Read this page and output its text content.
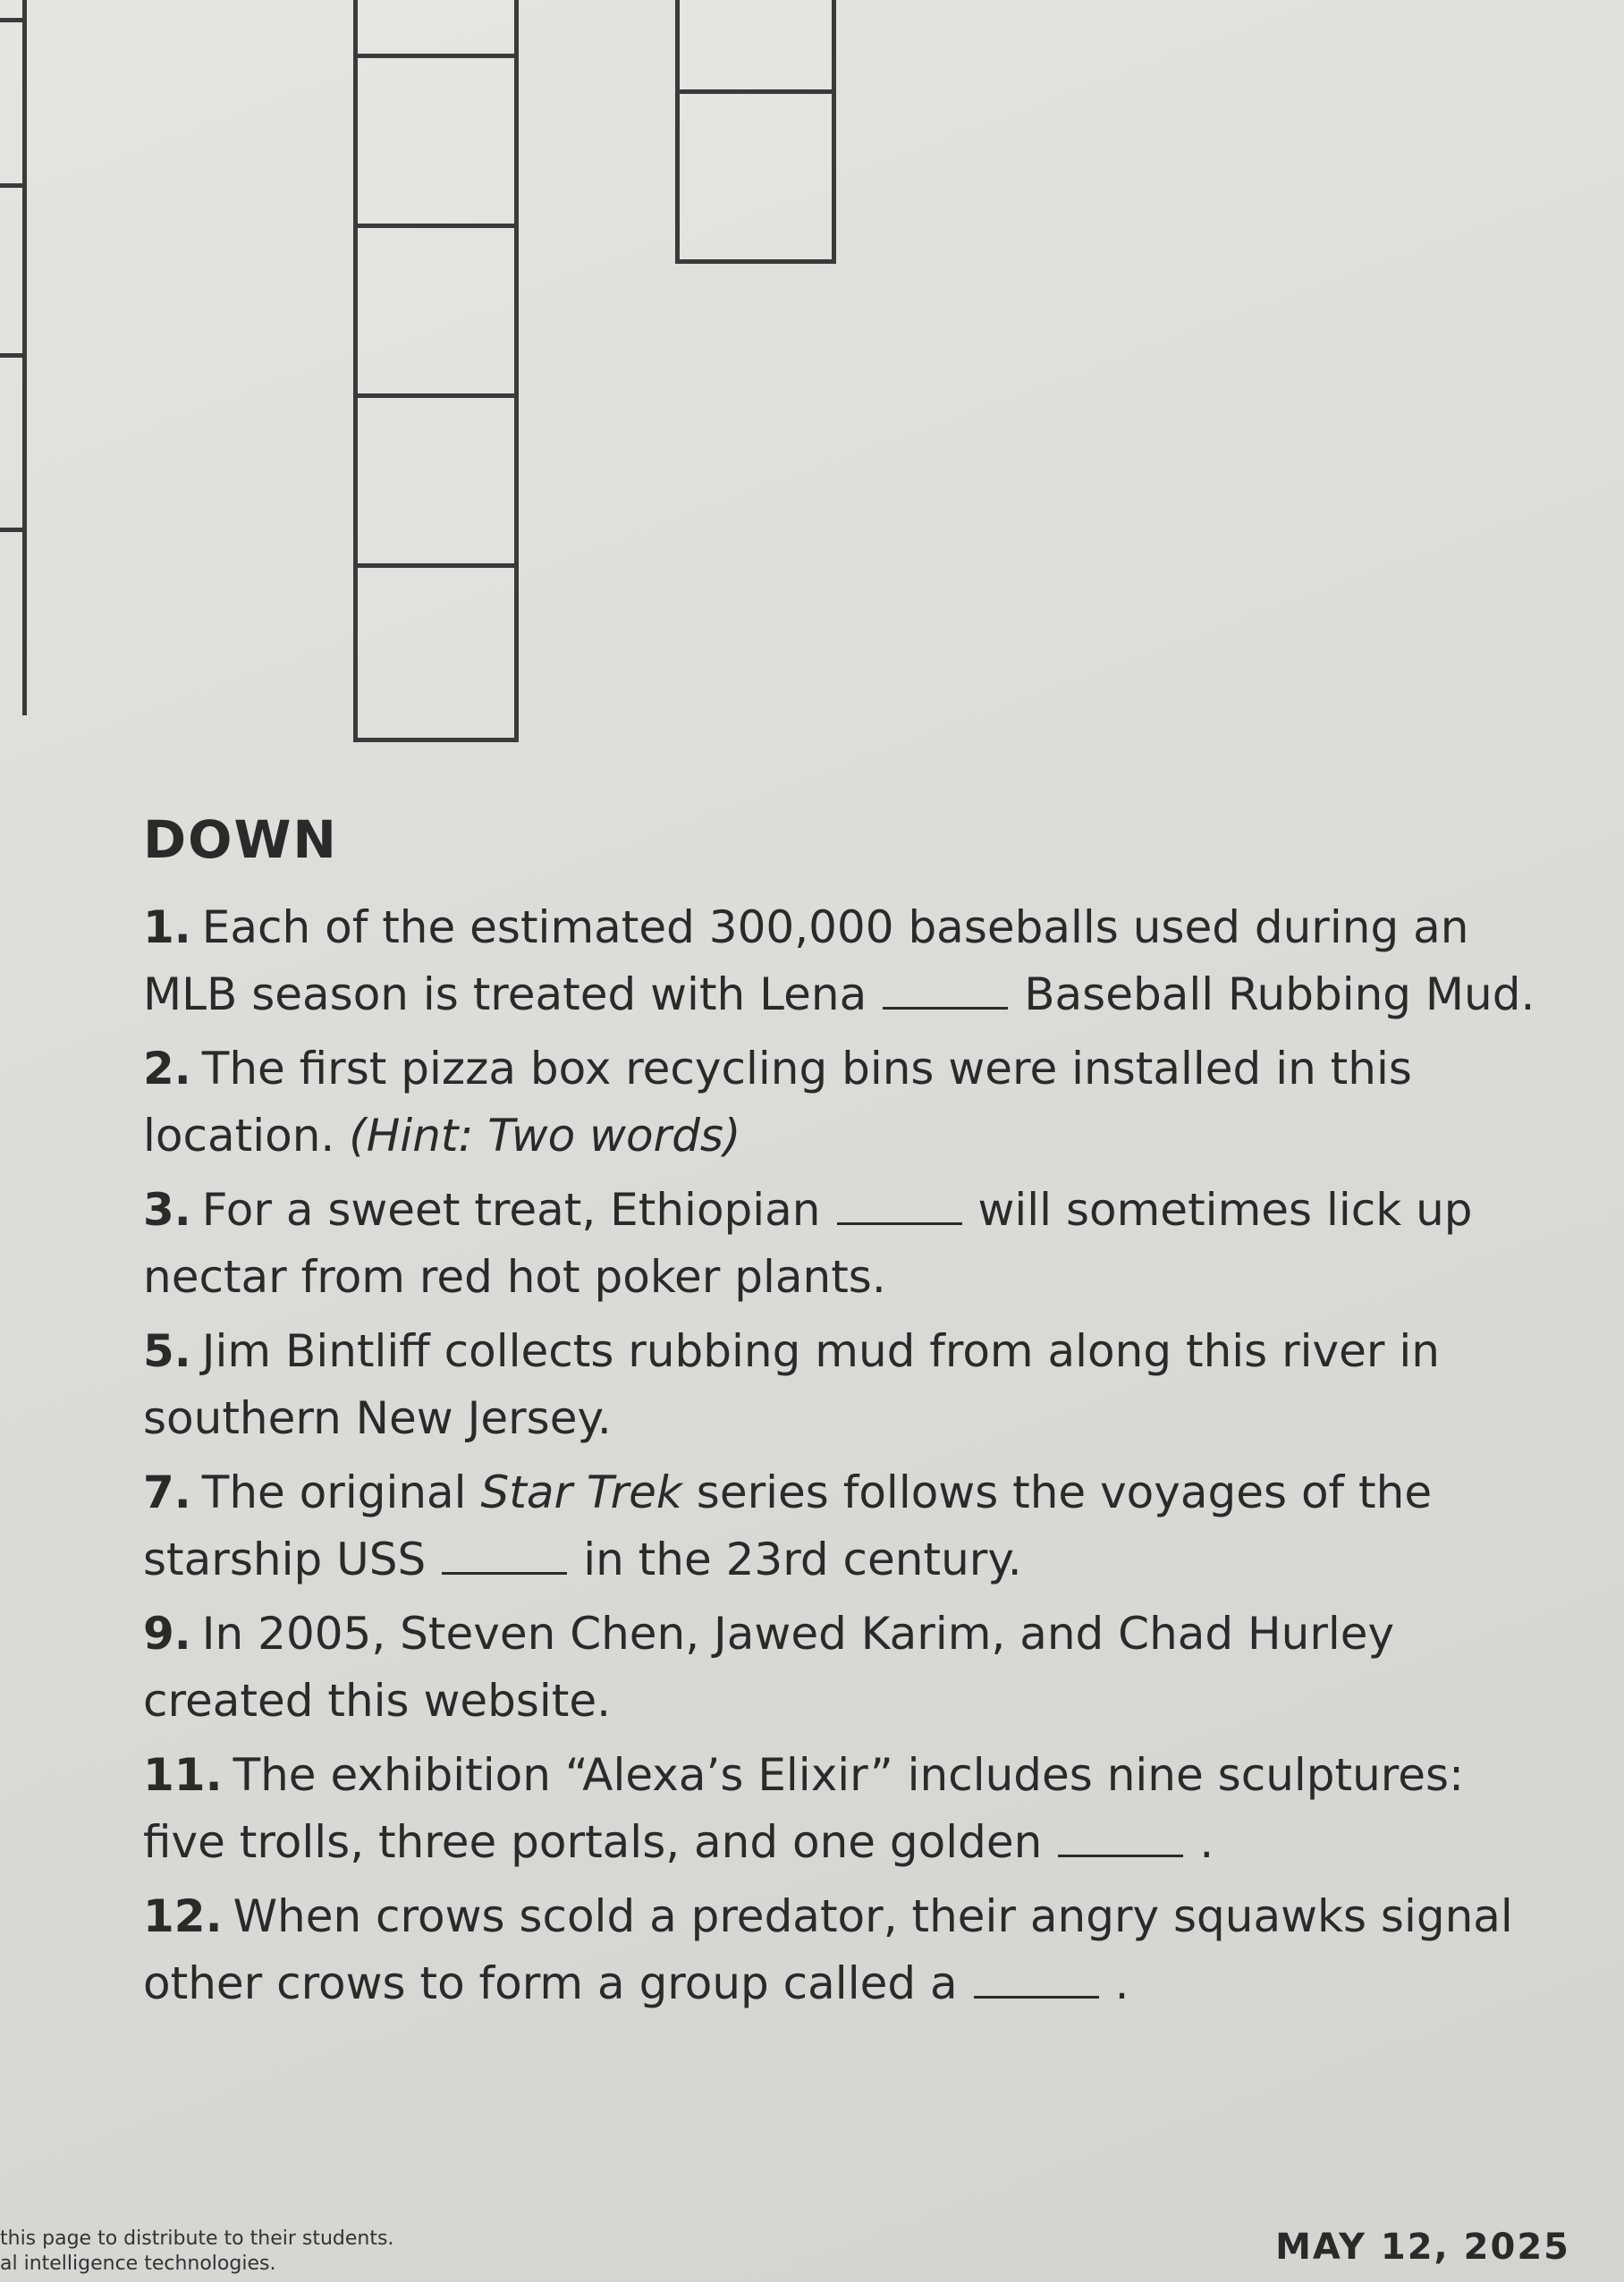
DOWN
1. Each of the estimated 300,000 baseballs used during an MLB season is treated with Lena	Baseball Rubbing Mud.
2. The first pizza box recycling bins were installed in this location. (Hint: Two words)
3. For a sweet treat, Ethiopian	will sometimes lick up nectar from red hot poker plants.
5. Jim Bintliff collects rubbing mud from along this river in southern New Jersey.
7. The original Star Trek series follows the voyages of the starship USS	in the 23rd century.
9. In 2005, Steven Chen, Jawed Karim, and Chad Hurley created this website.
11. The exhibition “Alexa’s Elixir” includes nine sculptures: five trolls, three portals, and one golden	.
12. When crows scold a predator, their angry squawks signal other crows to form a group called a	.
this page to distribute to their students.
al intelligence technologies.	MAY 12, 2025
